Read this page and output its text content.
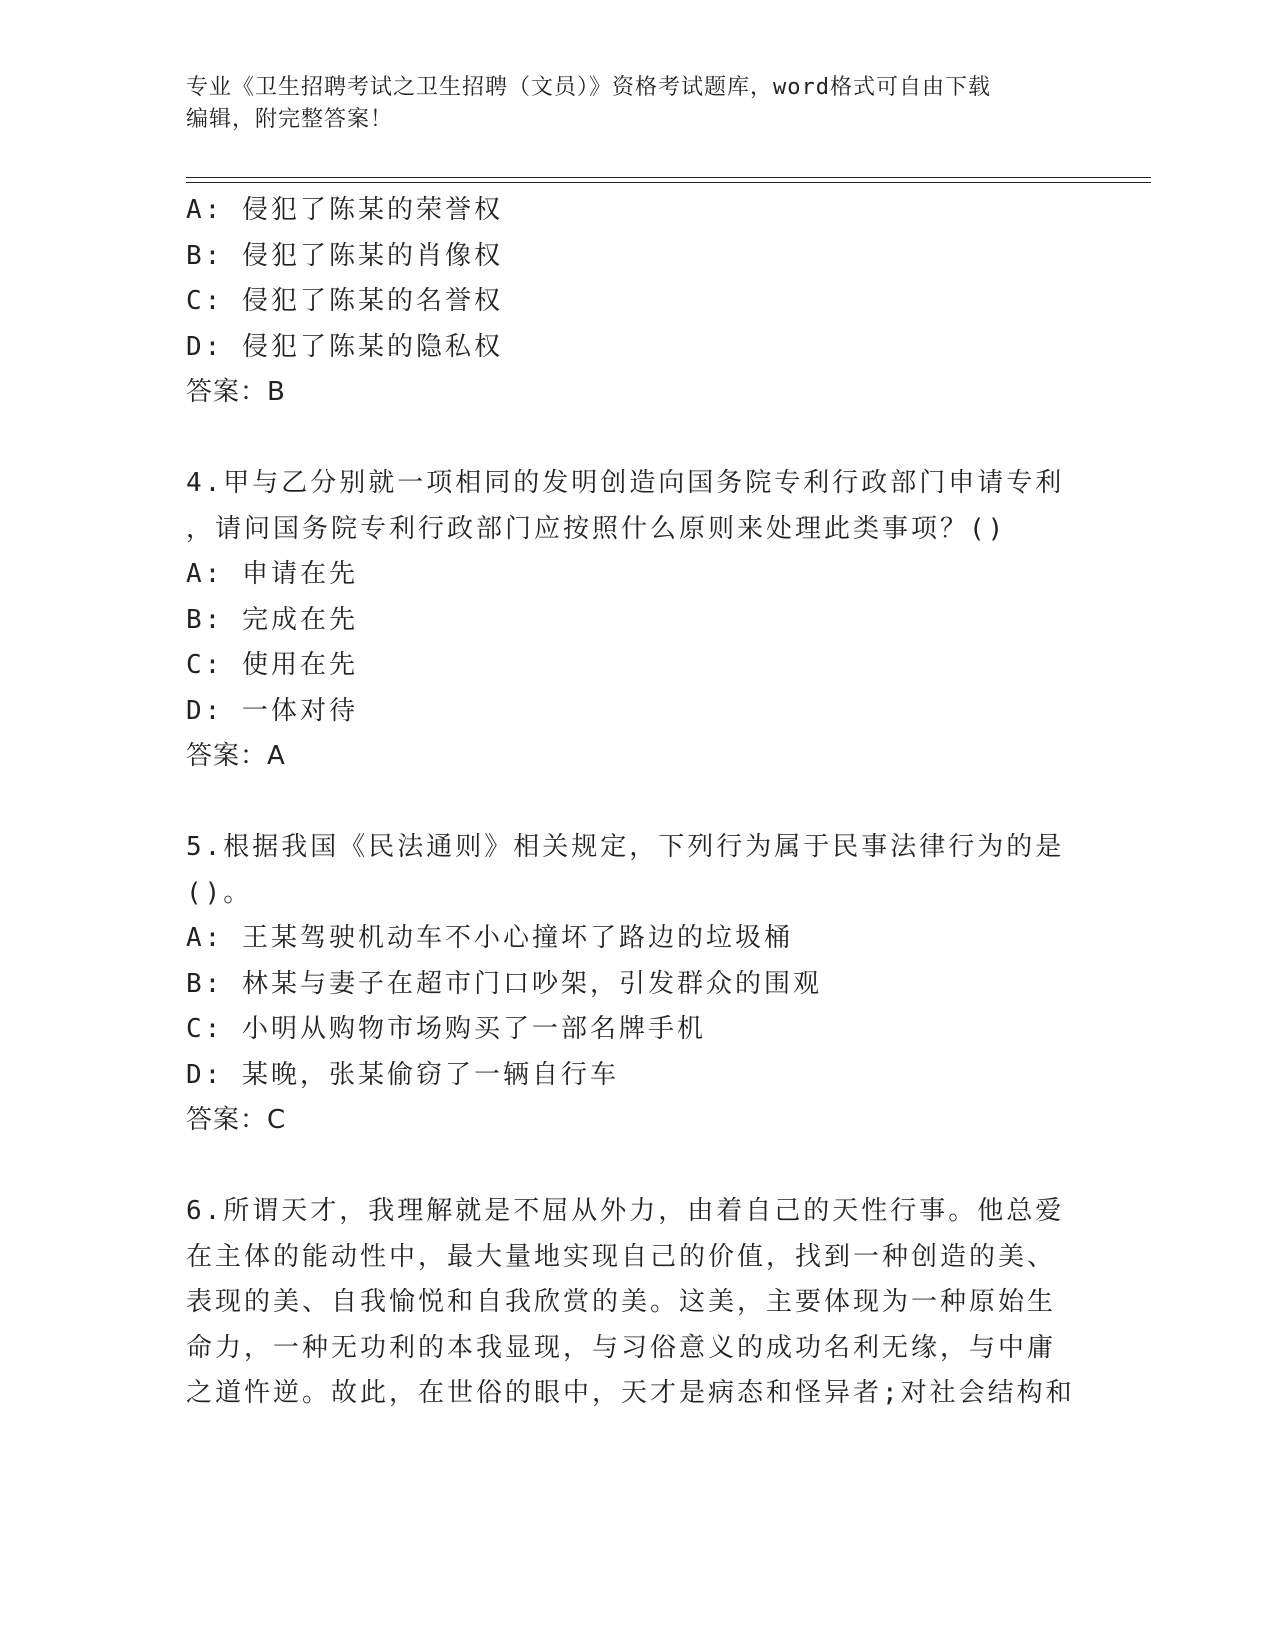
专业《卫生招聘考试之卫生招聘（文员）》资格考试题库，word格式可自由下载
编辑，附完整答案！
A: 侵犯了陈某的荣誉权
B: 侵犯了陈某的肖像权
C: 侵犯了陈某的名誉权
D: 侵犯了陈某的隐私权
答案：B
4.甲与乙分别就一项相同的发明创造向国务院专利行政部门申请专利
，请问国务院专利行政部门应按照什么原则来处理此类事项？()
A: 申请在先
B: 完成在先
C: 使用在先
D: 一体对待
答案：A
5.根据我国《民法通则》相关规定，下列行为属于民事法律行为的是
()。
A: 王某驾驶机动车不小心撞坏了路边的垃圾桶
B: 林某与妻子在超市门口吵架，引发群众的围观
C: 小明从购物市场购买了一部名牌手机
D: 某晚，张某偷窃了一辆自行车
答案：C
6.所谓天才，我理解就是不屈从外力，由着自己的天性行事。他总爱
在主体的能动性中，最大量地实现自己的价值，找到一种创造的美、
表现的美、自我愉悦和自我欣赏的美。这美，主要体现为一种原始生
命力，一种无功利的本我显现，与习俗意义的成功名利无缘，与中庸
之道忤逆。故此，在世俗的眼中，天才是病态和怪异者;对社会结构和
